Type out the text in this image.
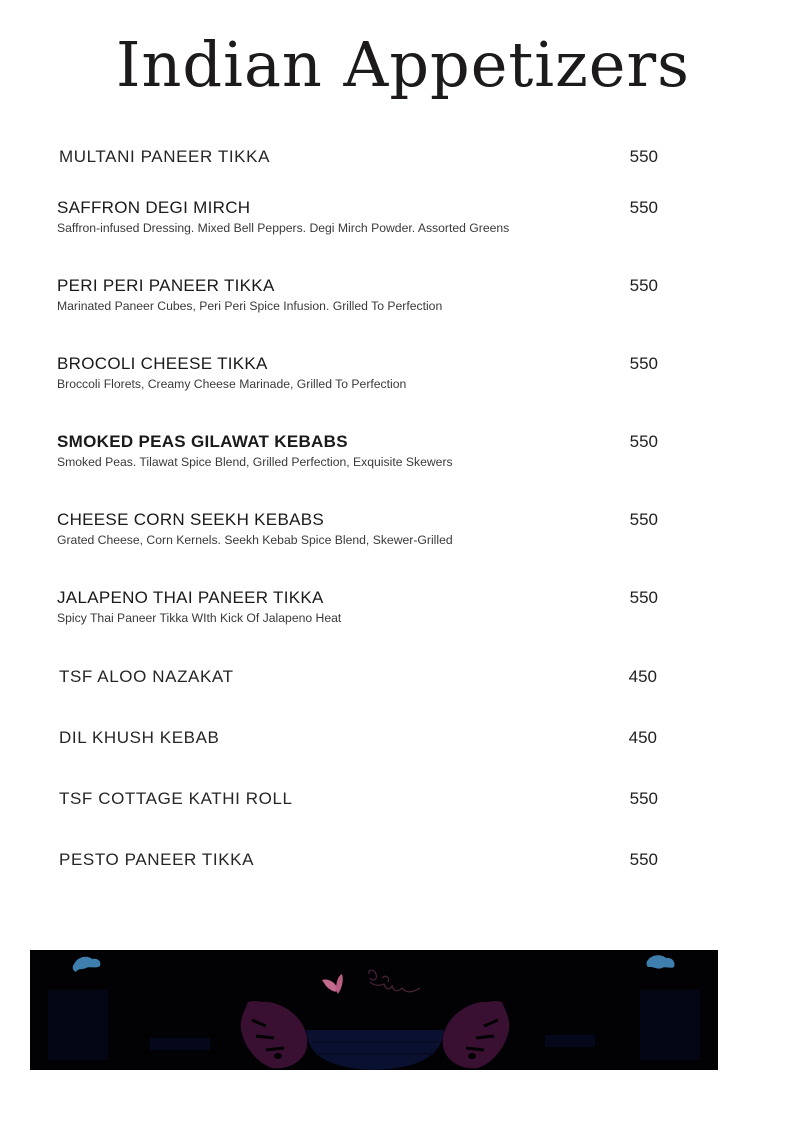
Indian Appetizers
MULTANI PANEER TIKKA	550
SAFFRON DEGI MIRCH
Saffron-infused Dressing. Mixed Bell Peppers. Degi Mirch Powder. Assorted Greens
550
PERI PERI PANEER TIKKA
Marinated Paneer Cubes, Peri Peri Spice Infusion. Grilled To Perfection
550
BROCOLI CHEESE TIKKA
Broccoli Florets, Creamy Cheese Marinade, Grilled To Perfection
550
SMOKED PEAS GILAWAT KEBABS
Smoked Peas. Tilawat Spice Blend, Grilled Perfection, Exquisite Skewers
550
CHEESE CORN SEEKH KEBABS
Grated Cheese, Corn Kernels. Seekh Kebab Spice Blend, Skewer-Grilled
550
JALAPENO THAI PANEER TIKKA
Spicy Thai Paneer Tikka WIth Kick Of Jalapeno Heat
550
TSF ALOO NAZAKAT	450
DIL KHUSH KEBAB	450
TSF COTTAGE KATHI ROLL	550
PESTO PANEER TIKKA	550
